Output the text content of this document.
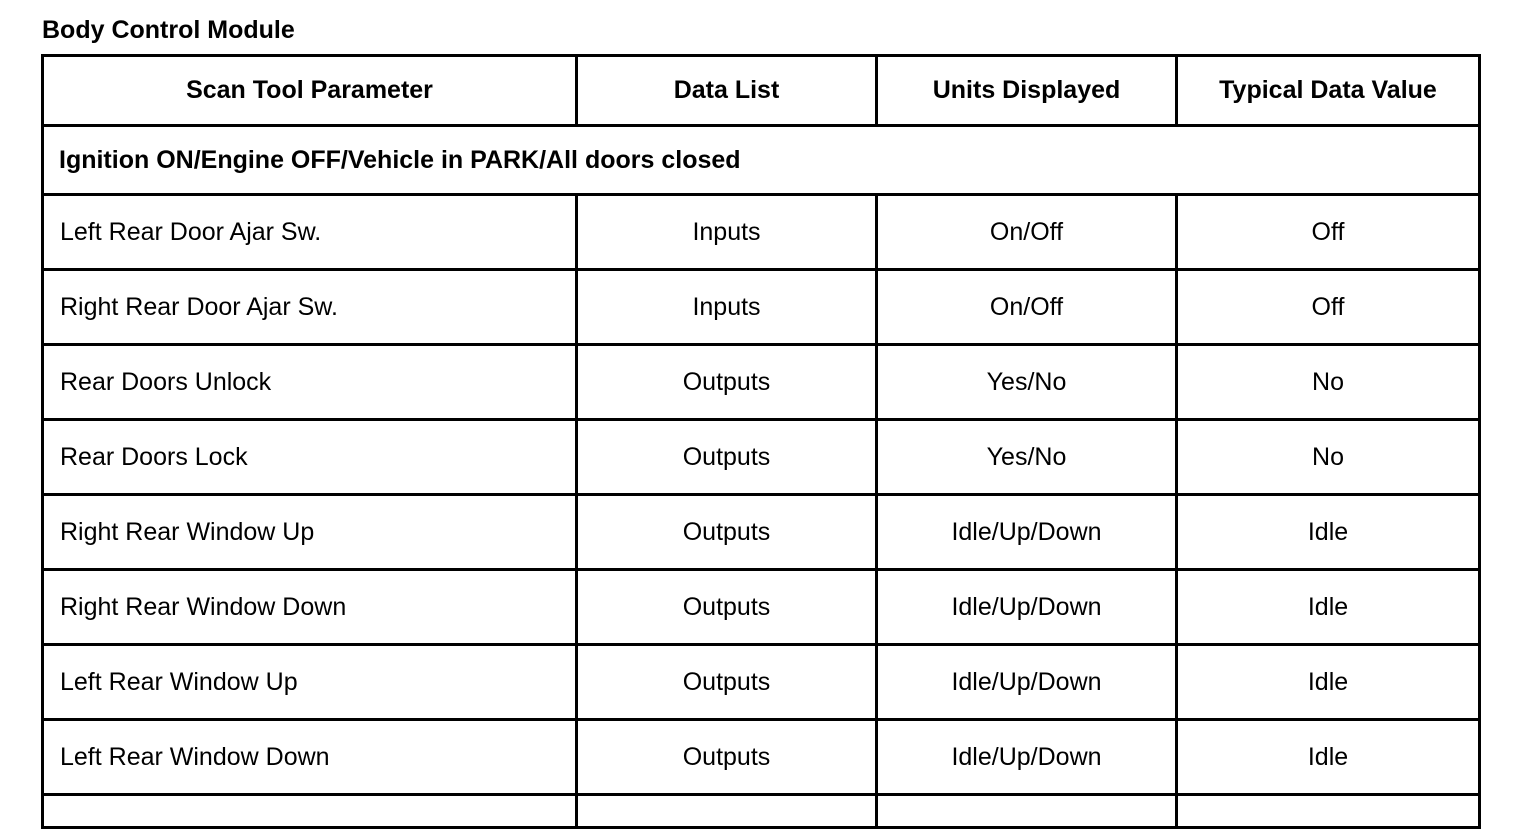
Body Control Module
Scan Tool Parameter	Data List	Units Displayed	Typical Data Value
Ignition ON/Engine OFF/Vehicle in PARK/All doors closed			
Left Rear Door Ajar Sw.	Inputs	On/Off	Off
Right Rear Door Ajar Sw.	Inputs	On/Off	Off
Rear Doors Unlock	Outputs	Yes/No	No
Rear Doors Lock	Outputs	Yes/No	No
Right Rear Window Up	Outputs	Idle/Up/Down	Idle
Right Rear Window Down	Outputs	Idle/Up/Down	Idle
Left Rear Window Up	Outputs	Idle/Up/Down	Idle
Left Rear Window Down	Outputs	Idle/Up/Down	Idle
